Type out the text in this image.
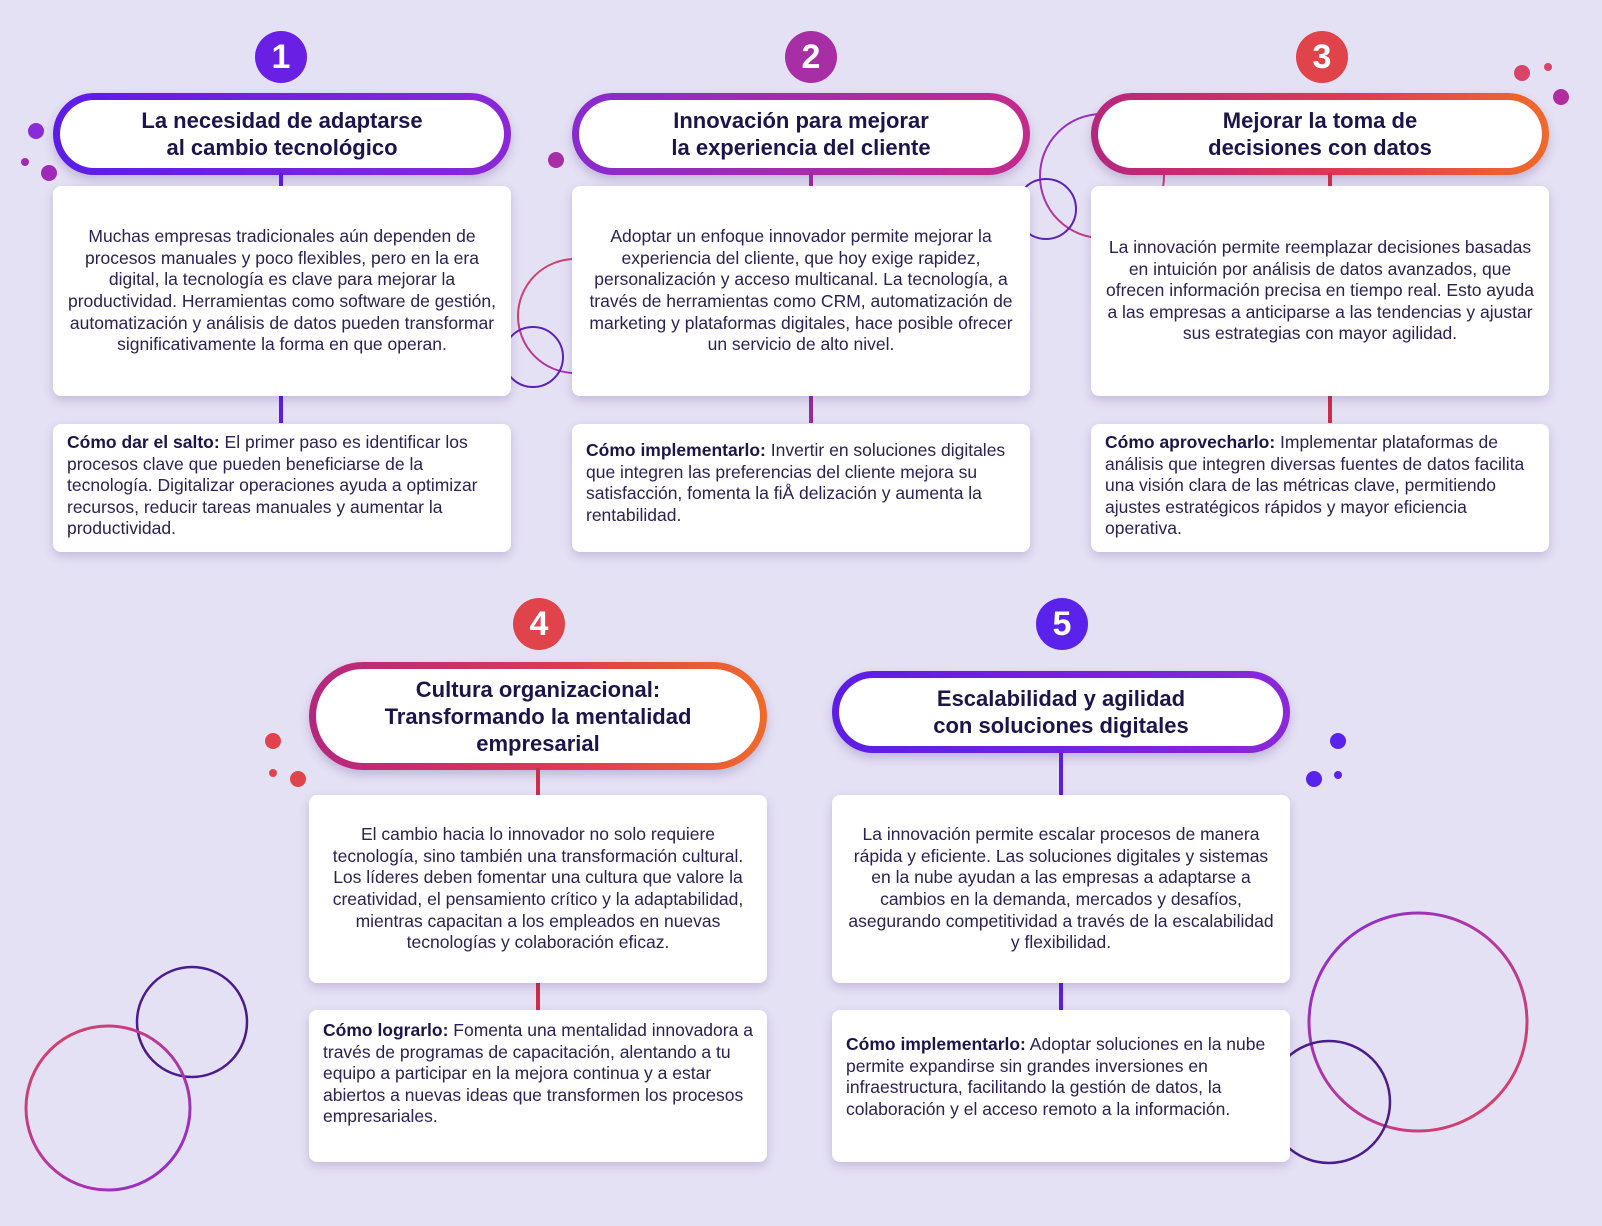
1
La necesidad de adaptarse
al cambio tecnológico
Muchas empresas tradicionales aún dependen de procesos manuales y poco flexibles, pero en la era digital, la tecnología es clave para mejorar la productividad. Herramientas como software de gestión, automatización y análisis de datos pueden transformar significativamente la forma en que operan.
Cómo dar el salto: El primer paso es identificar los procesos clave que pueden beneficiarse de la tecnología. Digitalizar operaciones ayuda a optimizar recursos, reducir tareas manuales y aumentar la productividad.
2
Innovación para mejorar
la experiencia del cliente
Adoptar un enfoque innovador permite mejorar la experiencia del cliente, que hoy exige rapidez, personalización y acceso multicanal. La tecnología, a través de herramientas como CRM, automatización de marketing y plataformas digitales, hace posible ofrecer un servicio de alto nivel.
Cómo implementarlo: Invertir en soluciones digitales que integren las preferencias del cliente mejora su satisfacción, fomenta la fiÅ delización y aumenta la rentabilidad.
3
Mejorar la toma de
decisiones con datos
La innovación permite reemplazar decisiones basadas en intuición por análisis de datos avanzados, que ofrecen información precisa en tiempo real. Esto ayuda a las empresas a anticiparse a las tendencias y ajustar sus estrategias con mayor agilidad.
Cómo aprovecharlo: Implementar plataformas de análisis que integren diversas fuentes de datos facilita una visión clara de las métricas clave, permitiendo ajustes estratégicos rápidos y mayor eficiencia operativa.
4
Cultura organizacional:
Transformando la mentalidad
empresarial
El cambio hacia lo innovador no solo requiere tecnología, sino también una transformación cultural. Los líderes deben fomentar una cultura que valore la creatividad, el pensamiento crítico y la adaptabilidad, mientras capacitan a los empleados en nuevas tecnologías y colaboración eficaz.
Cómo lograrlo: Fomenta una mentalidad innovadora a través de programas de capacitación, alentando a tu equipo a participar en la mejora continua y a estar abiertos a nuevas ideas que transformen los procesos empresariales.
5
Escalabilidad y agilidad
con soluciones digitales
La innovación permite escalar procesos de manera rápida y eficiente. Las soluciones digitales y sistemas en la nube ayudan a las empresas a adaptarse a cambios en la demanda, mercados y desafíos, asegurando competitividad a través de la escalabilidad y flexibilidad.
Cómo implementarlo: Adoptar soluciones en la nube permite expandirse sin grandes inversiones en infraestructura, facilitando la gestión de datos, la colaboración y el acceso remoto a la información.
